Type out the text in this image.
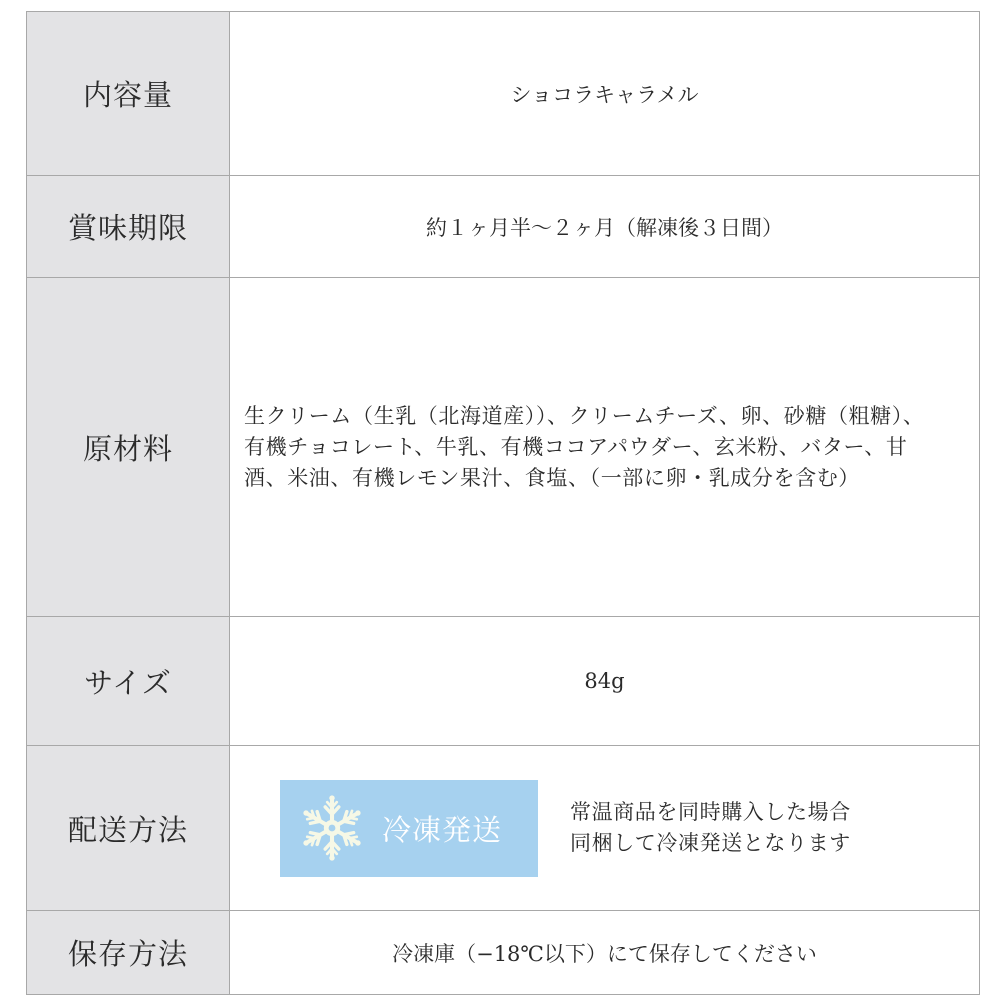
内容量	ショコラキャラメル
賞味期限	約１ヶ月半〜２ヶ月（解凍後３日間）
原材料	生クリーム（生乳（北海道産））、クリームチーズ、卵、砂糖（粗糖）、
有機チョコレート、牛乳、有機ココアパウダー、玄米粉、バター、甘
酒、米油、有機レモン果汁、食塩、（一部に卵・乳成分を含む）

サイズ	84g
配送方法	冷凍発送
常温商品を同時購入した場合
同梱して冷凍発送となります

保存方法	冷凍庫（−18℃以下）にて保存してください
